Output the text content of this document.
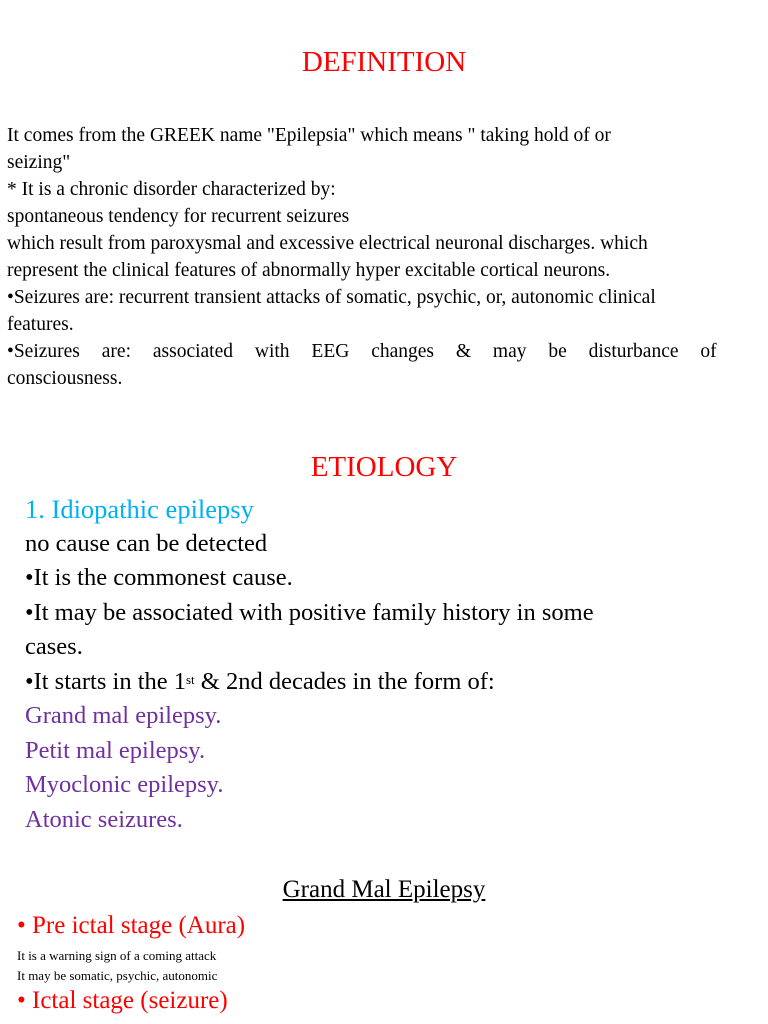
DEFINITION

It comes from the GREEK name "Epilepsia" which means " taking hold of or

seizing"

* It is a chronic disorder characterized by:

spontaneous tendency for recurrent seizures

which result from paroxysmal and excessive electrical neuronal discharges. which

represent the clinical features of abnormally hyper excitable cortical neurons.

•Seizures are: recurrent transient attacks of somatic, psychic, or, autonomic clinical

features.

•Seizures are: associated with EEG changes & may be disturbance of

consciousness.

ETIOLOGY

1. Idiopathic epilepsy

no cause can be detected

•It is the commonest cause.

•It may be associated with positive family history in some

cases.

•It starts in the 1st & 2nd decades in the form of:

Grand mal epilepsy.

Petit mal epilepsy.

Myoclonic epilepsy.

Atonic seizures.

Grand Mal Epilepsy
• Pre ictal stage (Aura)
It is a warning sign of a coming attack
It may be somatic, psychic, autonomic
• Ictal stage (seizure)
